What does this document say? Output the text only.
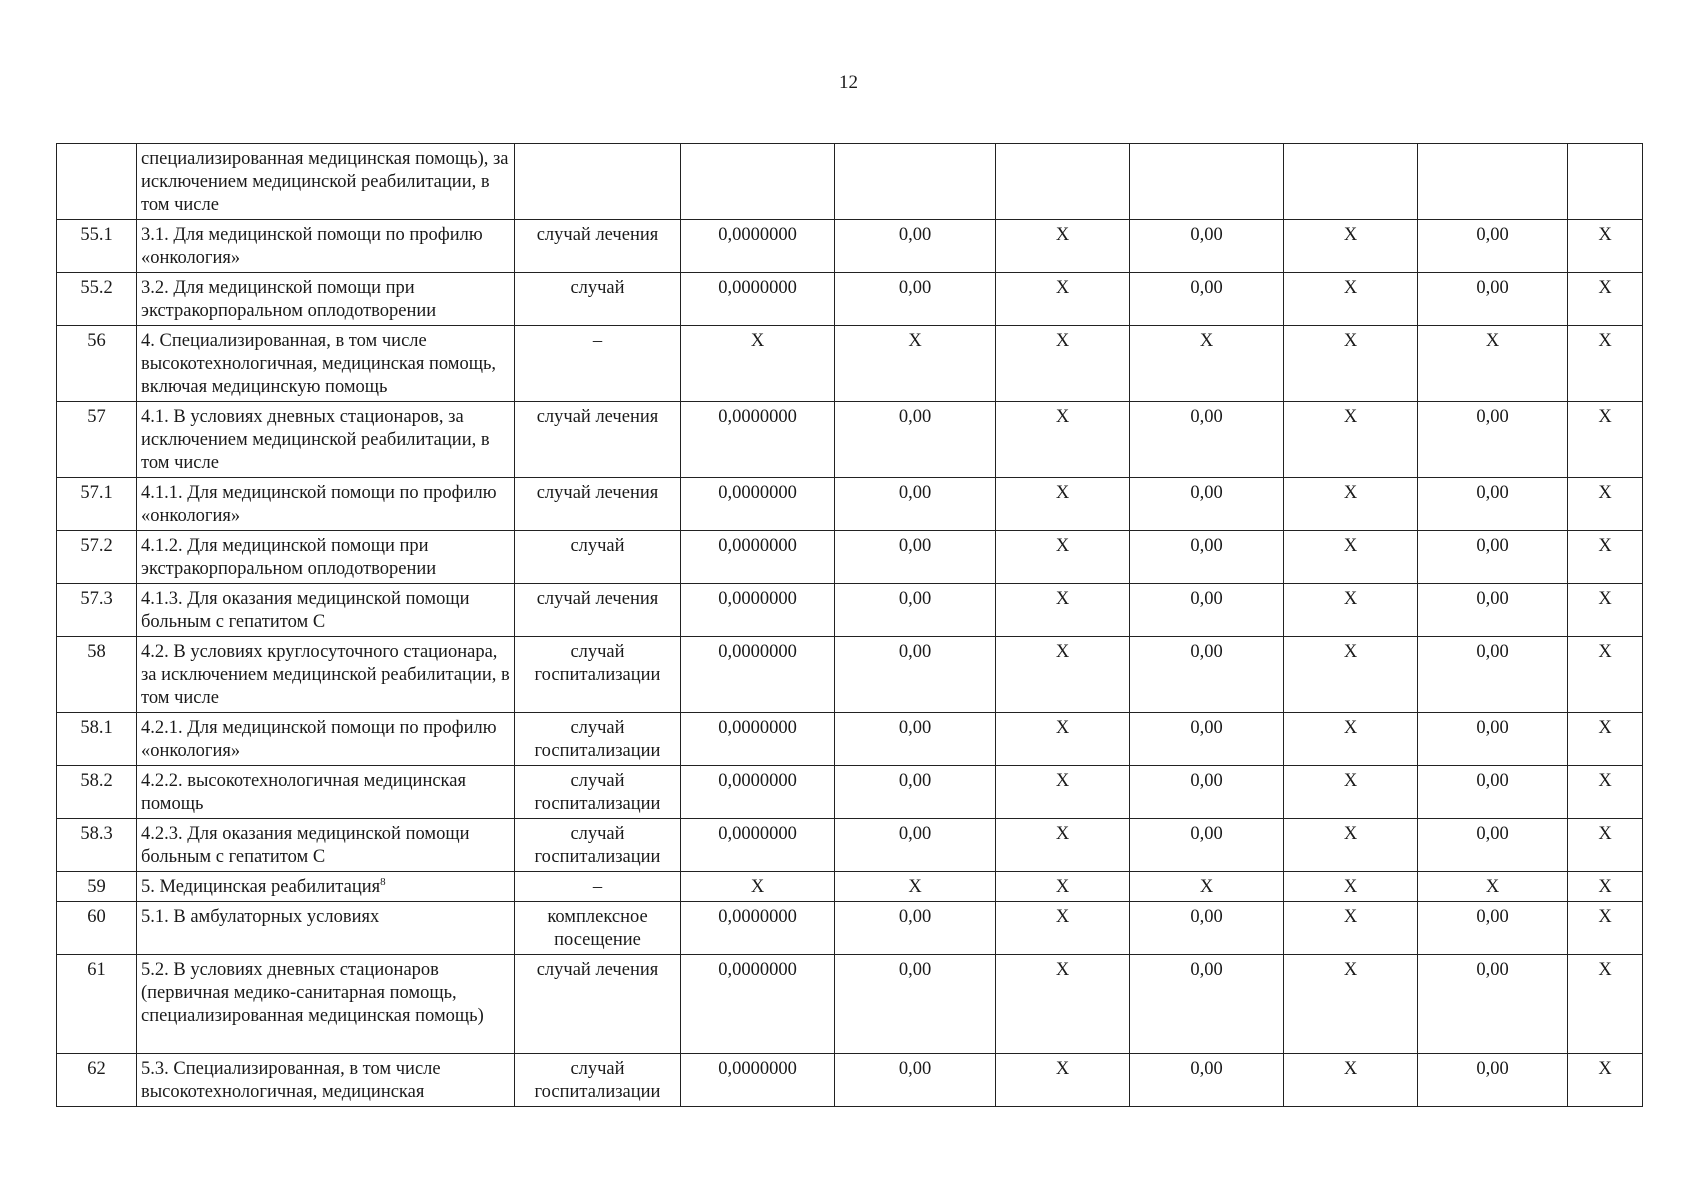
12
	специализированная медицинская помощь), за исключением медицинской реабилитации, в том числе								
55.1	3.1. Для медицинской помощи по профилю «онкология»	случай лечения	0,0000000	0,00	X	0,00	X	0,00	X
55.2	3.2. Для медицинской помощи при экстракорпоральном оплодотворении	случай	0,0000000	0,00	X	0,00	X	0,00	X
56	4. Специализированная, в том числе высокотехнологичная, медицинская помощь, включая медицинскую помощь	–	X	X	X	X	X	X	X
57	4.1. В условиях дневных стационаров, за исключением медицинской реабилитации, в том числе	случай лечения	0,0000000	0,00	X	0,00	X	0,00	X
57.1	4.1.1. Для медицинской помощи по профилю «онкология»	случай лечения	0,0000000	0,00	X	0,00	X	0,00	X
57.2	4.1.2. Для медицинской помощи при экстракорпоральном оплодотворении	случай	0,0000000	0,00	X	0,00	X	0,00	X
57.3	4.1.3. Для оказания медицинской помощи больным с гепатитом С	случай лечения	0,0000000	0,00	X	0,00	X	0,00	X
58	4.2. В условиях круглосуточного стационара, за исключением медицинской реабилитации, в том числе	случай госпитализации	0,0000000	0,00	X	0,00	X	0,00	X
58.1	4.2.1. Для медицинской помощи по профилю «онкология»	случай госпитализации	0,0000000	0,00	X	0,00	X	0,00	X
58.2	4.2.2. высокотехнологичная медицинская помощь	случай госпитализации	0,0000000	0,00	X	0,00	X	0,00	X
58.3	4.2.3. Для оказания медицинской помощи больным с гепатитом С	случай госпитализации	0,0000000	0,00	X	0,00	X	0,00	X
59	5. Медицинская реабилитация$^8$	–	X	X	X	X	X	X	X
60	5.1. В амбулаторных условиях	комплексное посещение	0,0000000	0,00	X	0,00	X	0,00	X
61	5.2. В условиях дневных стационаров (первичная медико-санитарная помощь, специализированная медицинская помощь)	случай лечения	0,0000000	0,00	X	0,00	X	0,00	X
62	5.3. Специализированная, в том числе высокотехнологичная, медицинская	случай госпитализации	0,0000000	0,00	X	0,00	X	0,00	X
